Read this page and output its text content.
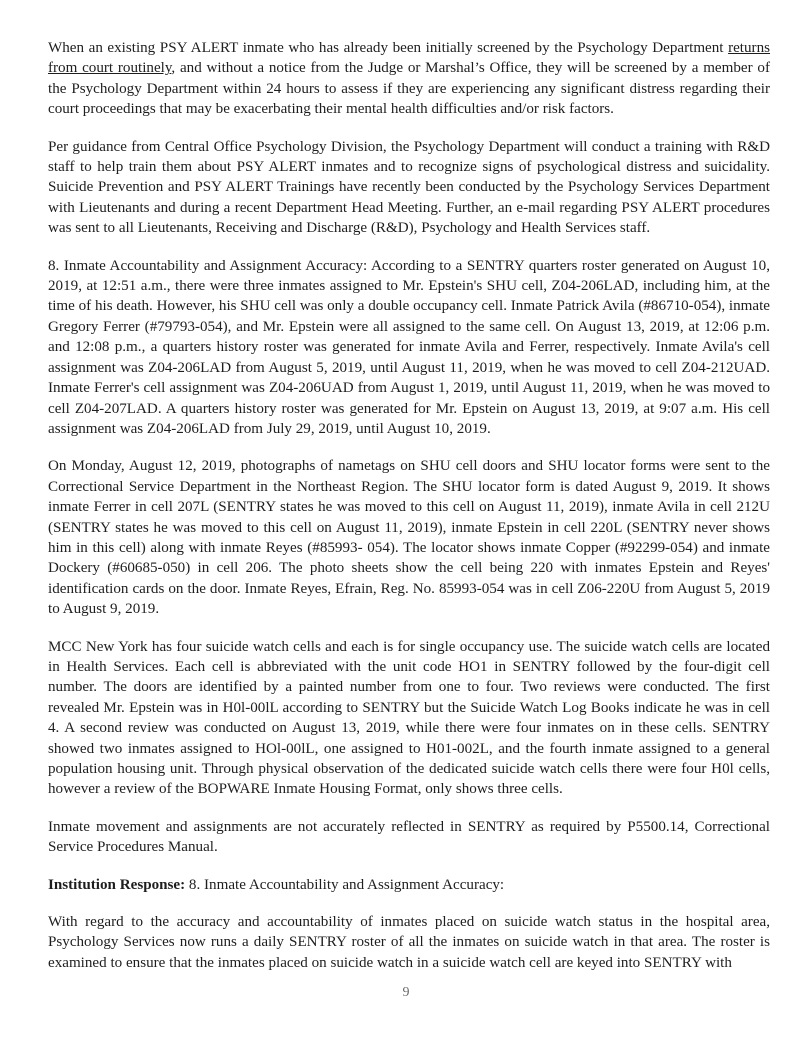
When an existing PSY ALERT inmate who has already been initially screened by the Psychology Department returns from court routinely, and without a notice from the Judge or Marshal’s Office, they will be screened by a member of the Psychology Department within 24 hours to assess if they are experiencing any significant distress regarding their court proceedings that may be exacerbating their mental health difficulties and/or risk factors.

Per guidance from Central Office Psychology Division, the Psychology Department will conduct a training with R&D staff to help train them about PSY ALERT inmates and to recognize signs of psychological distress and suicidality. Suicide Prevention and PSY ALERT Trainings have recently been conducted by the Psychology Services Department with Lieutenants and during a recent Department Head Meeting. Further, an e-mail regarding PSY ALERT procedures was sent to all Lieutenants, Receiving and Discharge (R&D), Psychology and Health Services staff.

8. Inmate Accountability and Assignment Accuracy: According to a SENTRY quarters roster generated on August 10, 2019, at 12:51 a.m., there were three inmates assigned to Mr. Epstein's SHU cell, Z04-206LAD, including him, at the time of his death. However, his SHU cell was only a double occupancy cell. Inmate Patrick Avila (#86710-054), inmate Gregory Ferrer (#79793-054), and Mr. Epstein were all assigned to the same cell. On August 13, 2019, at 12:06 p.m. and 12:08 p.m., a quarters history roster was generated for inmate Avila and Ferrer, respectively. Inmate Avila's cell assignment was Z04-206LAD from August 5, 2019, until August 11, 2019, when he was moved to cell Z04-212UAD. Inmate Ferrer's cell assignment was Z04-206UAD from August 1, 2019, until August 11, 2019, when he was moved to cell Z04-207LAD. A quarters history roster was generated for Mr. Epstein on August 13, 2019, at 9:07 a.m. His cell assignment was Z04-206LAD from July 29, 2019, until August 10, 2019.

On Monday, August 12, 2019, photographs of nametags on SHU cell doors and SHU locator forms were sent to the Correctional Service Department in the Northeast Region. The SHU locator form is dated August 9, 2019. It shows inmate Ferrer in cell 207L (SENTRY states he was moved to this cell on August 11, 2019), inmate Avila in cell 212U (SENTRY states he was moved to this cell on August 11, 2019), inmate Epstein in cell 220L (SENTRY never shows him in this cell) along with inmate Reyes (#85993- 054). The locator shows inmate Copper (#92299-054) and inmate Dockery (#60685-050) in cell 206. The photo sheets show the cell being 220 with inmates Epstein and Reyes' identification cards on the door. Inmate Reyes, Efrain, Reg. No. 85993-054 was in cell Z06-220U from August 5, 2019 to August 9, 2019.

MCC New York has four suicide watch cells and each is for single occupancy use. The suicide watch cells are located in Health Services. Each cell is abbreviated with the unit code HO1 in SENTRY followed by the four-digit cell number. The doors are identified by a painted number from one to four. Two reviews were conducted. The first revealed Mr. Epstein was in H0l-00lL according to SENTRY but the Suicide Watch Log Books indicate he was in cell 4. A second review was conducted on August 13, 2019, while there were four inmates on in these cells. SENTRY showed two inmates assigned to HOl-00lL, one assigned to H01-002L, and the fourth inmate assigned to a general population housing unit. Through physical observation of the dedicated suicide watch cells there were four H0l cells, however a review of the BOPWARE Inmate Housing Format, only shows three cells.

Inmate movement and assignments are not accurately reflected in SENTRY as required by P5500.14, Correctional Service Procedures Manual.

Institution Response: 8. Inmate Accountability and Assignment Accuracy:

With regard to the accuracy and accountability of inmates placed on suicide watch status in the hospital area, Psychology Services now runs a daily SENTRY roster of all the inmates on suicide watch in that area. The roster is examined to ensure that the inmates placed on suicide watch in a suicide watch cell are keyed into SENTRY with

9
